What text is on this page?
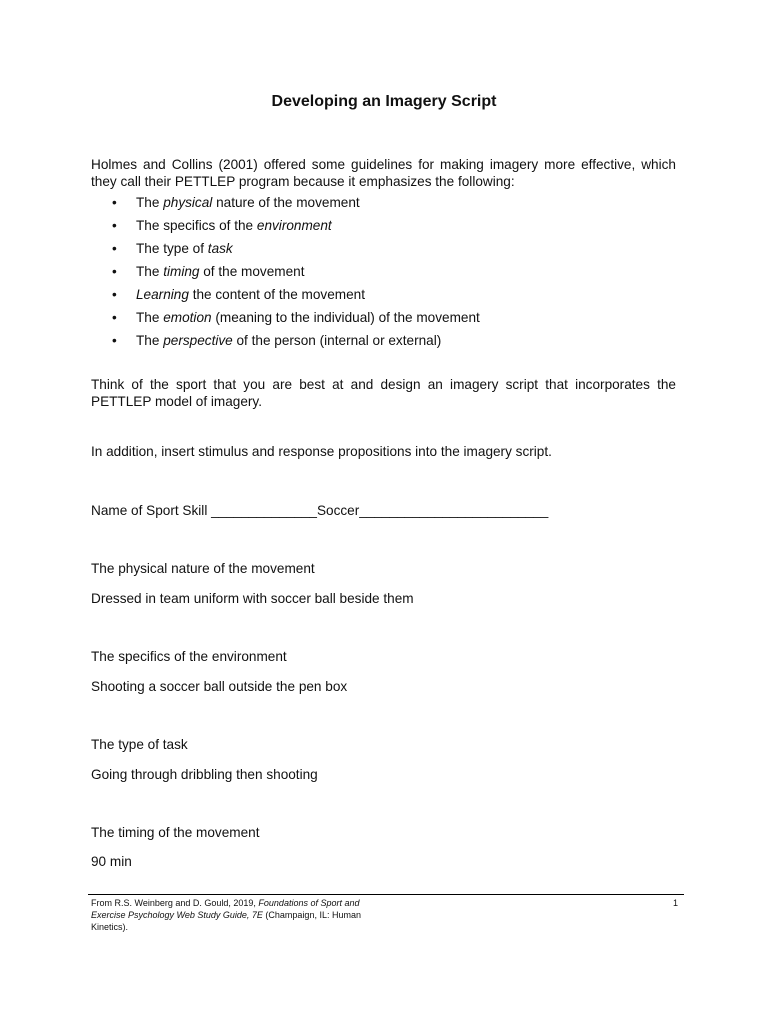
Developing an Imagery Script
Holmes and Collins (2001) offered some guidelines for making imagery more effective, which
they call their PETTLEP program because it emphasizes the following:
• The physical nature of the movement
• The specifics of the environment
• The type of task
• The timing of the movement
• Learning the content of the movement
• The emotion (meaning to the individual) of the movement
• The perspective of the person (internal or external)
Think of the sport that you are best at and design an imagery script that incorporates the
PETTLEP model of imagery.
In addition, insert stimulus and response propositions into the imagery script.
Name of Sport Skill ______________Soccer_________________________
The physical nature of the movement
Dressed in team uniform with soccer ball beside them
The specifics of the environment
Shooting a soccer ball outside the pen box
The type of task
Going through dribbling then shooting
The timing of the movement
90 min
From R.S. Weinberg and D. Gould, 2019, Foundations of Sport and Exercise Psychology Web Study Guide, 7E (Champaign, IL: Human Kinetics).
1
